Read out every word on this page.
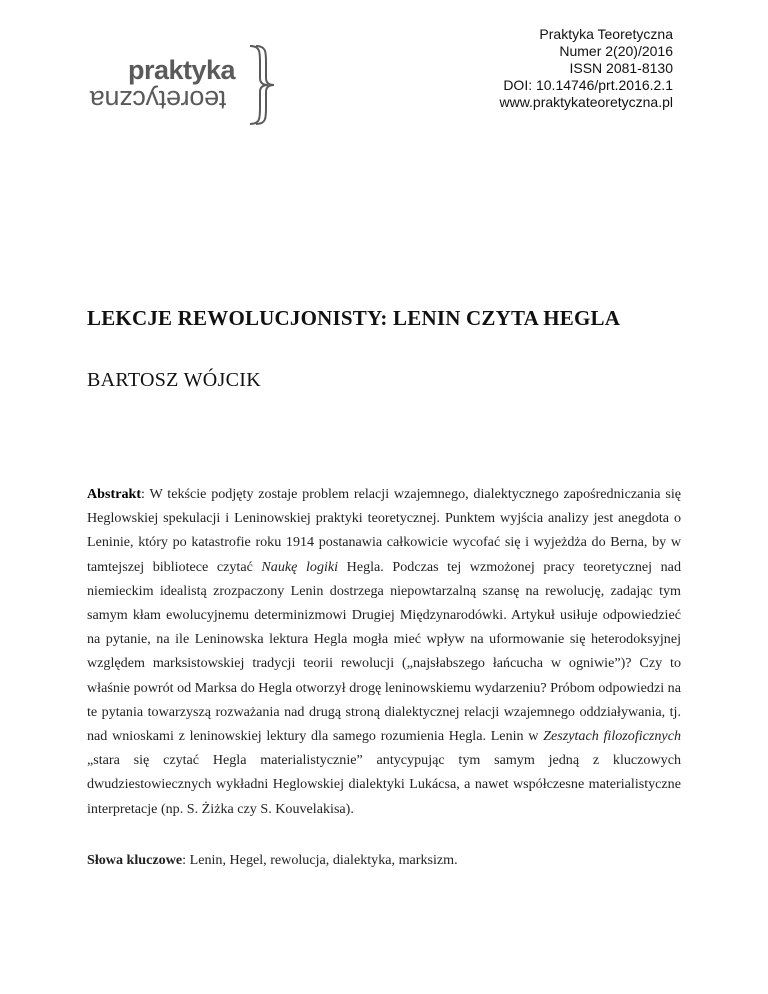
praktyka
teoretyczna
Praktyka Teoretyczna
Numer 2(20)/2016
ISSN 2081-8130
DOI: 10.14746/prt.2016.2.1
www.praktykateoretyczna.pl
LEKCJE REWOLUCJONISTY: LENIN CZYTA HEGLA
BARTOSZ WÓJCIK
Abstrakt: W tekście podjęty zostaje problem relacji wzajemnego, dialektycznego zapośredniczania się Heglowskiej spekulacji i Leninowskiej praktyki teoretycznej. Punktem wyjścia analizy jest anegdota o Leninie, który po katastrofie roku 1914 postanawia całkowicie wycofać się i wyjeżdża do Berna, by w tamtejszej bibliotece czytać Naukę logiki Hegla. Podczas tej wzmożonej pracy teoretycznej nad niemieckim idealistą zrozpaczony Lenin dostrzega niepowtarzalną szansę na rewolucję, zadając tym samym kłam ewolucyjnemu determinizmowi Drugiej Międzynarodówki. Artykuł usiłuje odpowiedzieć na pytanie, na ile Leninowska lektura Hegla mogła mieć wpływ na uformowanie się heterodoksyjnej względem marksistowskiej tradycji teorii rewolucji („najsłabszego łańcucha w ogniwie”)? Czy to właśnie powrót od Marksa do Hegla otworzył drogę leninowskiemu wydarzeniu? Próbom odpowiedzi na te pytania towarzyszą rozważania nad drugą stroną dialektycznej relacji wzajemnego oddziaływania, tj. nad wnioskami z leninowskiej lektury dla samego rozumienia Hegla. Lenin w Zeszytach filozoficznych „stara się czytać Hegla materialistycznie” antycypując tym samym jedną z kluczowych dwudziestowiecznych wykładni Heglowskiej dialektyki Lukácsa, a nawet współczesne materialistyczne interpretacje (np. S. Żiżka czy S. Kouvelakisa).
Słowa kluczowe: Lenin, Hegel, rewolucja, dialektyka, marksizm.
